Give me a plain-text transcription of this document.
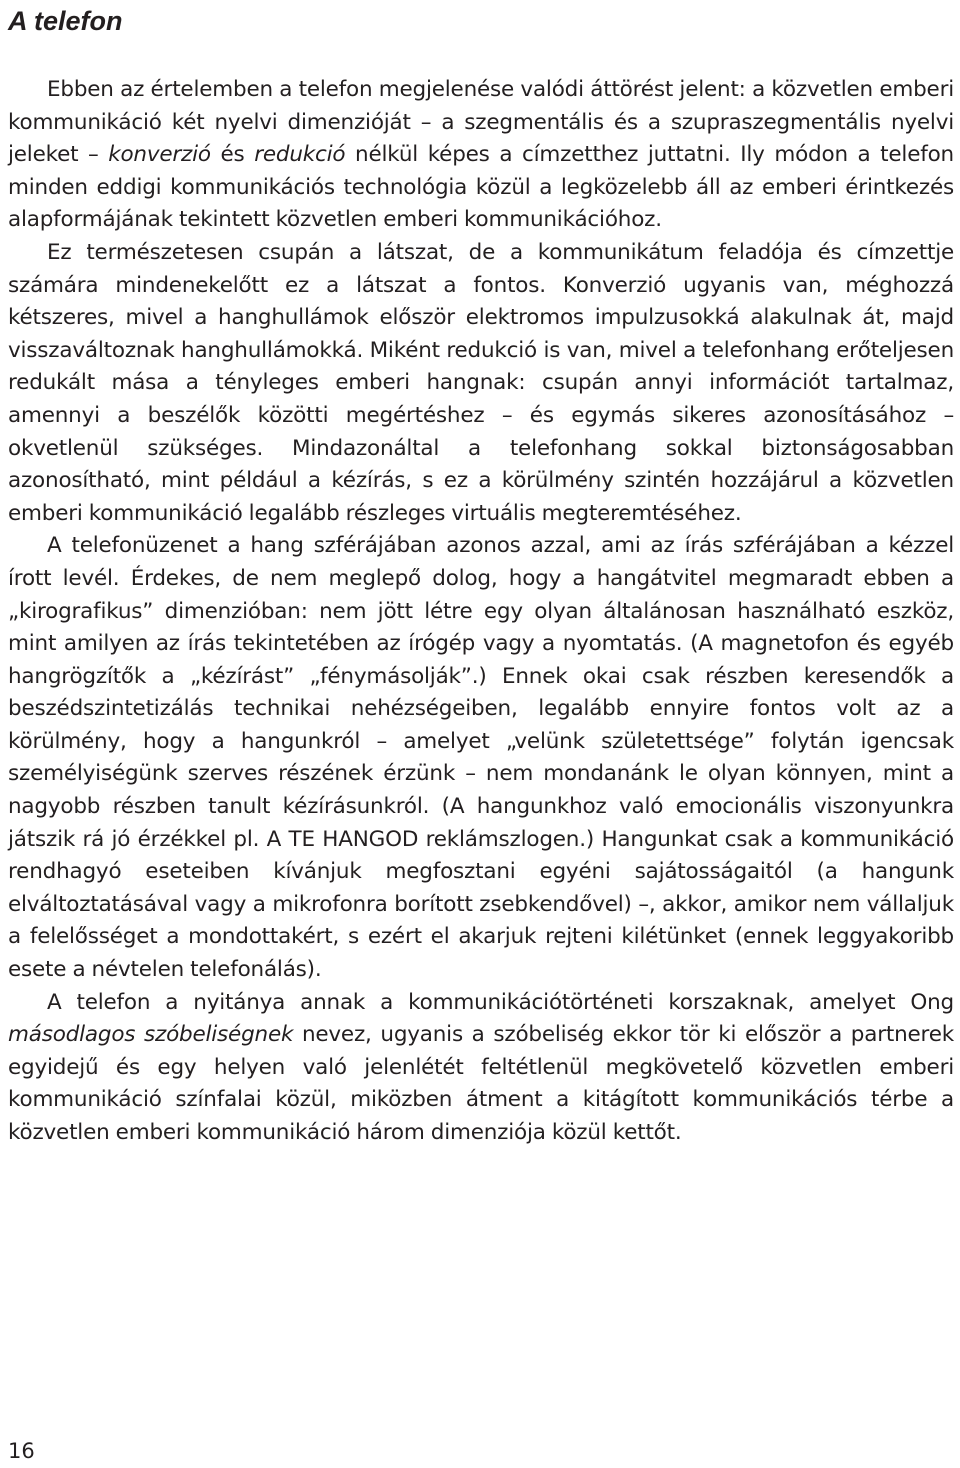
A telefon

Ebben az értelemben a telefon megjelenése valódi áttörést jelent: a közvetlen emberi kommunikáció két nyelvi dimenzióját – a szegmentális és a szupraszegmentális nyelvi jeleket – konverzió és redukció nélkül képes a címzetthez juttatni. Ily módon a telefon minden eddigi kommunikációs technológia közül a legközelebb áll az emberi érintkezés alapformájának tekintett közvetlen emberi kommunikációhoz.

Ez természetesen csupán a látszat, de a kommunikátum feladója és címzettje számára mindenekelőtt ez a látszat a fontos. Konverzió ugyanis van, méghozzá kétszeres, mivel a hanghullámok először elektromos impulzusokká alakulnak át, majd visszaváltoznak hanghullámokká. Miként redukció is van, mivel a telefonhang erőteljesen redukált mása a tényleges emberi hangnak: csupán annyi információt tartalmaz, amennyi a beszélők közötti megértéshez – és egymás sikeres azonosításához – okvetlenül szükséges. Mindazonáltal a telefonhang sokkal biztonságosabban azonosítható, mint például a kézírás, s ez a körülmény szintén hozzájárul a közvetlen emberi kommunikáció legalább részleges virtuális megteremtéséhez.

A telefonüzenet a hang szférájában azonos azzal, ami az írás szférájában a kézzel írott levél. Érdekes, de nem meglepő dolog, hogy a hangátvitel megmaradt ebben a „kirografikus” dimenzióban: nem jött létre egy olyan általánosan használható eszköz, mint amilyen az írás tekintetében az írógép vagy a nyomtatás. (A magnetofon és egyéb hangrögzítők a „kézírást” „fénymásolják”.) Ennek okai csak részben keresendők a beszédszintetizálás technikai nehézségeiben, legalább ennyire fontos volt az a körülmény, hogy a hangunkról – amelyet „velünk születettsége” folytán igencsak személyiségünk szerves részének érzünk – nem mondanánk le olyan könnyen, mint a nagyobb részben tanult kézírásunkról. (A hangunkhoz való emocionális viszonyunkra játszik rá jó érzékkel pl. A TE HANGOD reklámszlogen.) Hangunkat csak a kommunikáció rendhagyó eseteiben kívánjuk megfosztani egyéni sajátosságaitól (a hangunk elváltoztatásával vagy a mikrofonra borított zsebkendővel) –, akkor, amikor nem vállaljuk a felelősséget a mondottakért, s ezért el akarjuk rejteni kilétünket (ennek leggyakoribb esete a névtelen telefonálás).

A telefon a nyitánya annak a kommunikációtörténeti korszaknak, amelyet Ong másodlagos szóbeliségnek nevez, ugyanis a szóbeliség ekkor tör ki először a partnerek egyidejű és egy helyen való jelenlétét feltétlenül megkövetelő közvetlen emberi kommunikáció színfalai közül, miközben átment a kitágított kommunikációs térbe a közvetlen emberi kommunikáció három dimenziója közül kettőt.

16
